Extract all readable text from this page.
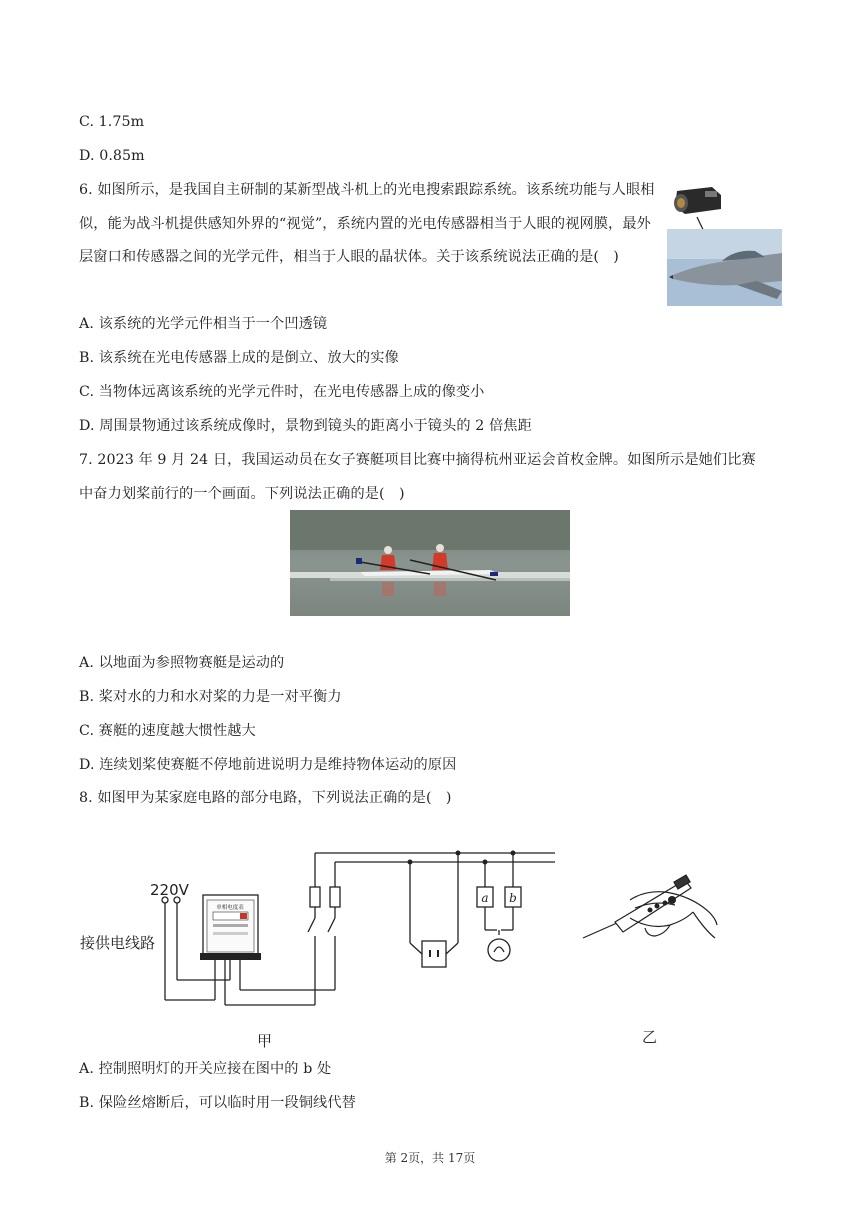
C. 1.75m
D. 0.85m
6. 如图所示，是我国自主研制的某新型战斗机上的光电搜索跟踪系统。该系统功能与人眼相似，能为战斗机提供感知外界的“视觉”，系统内置的光电传感器相当于人眼的视网膜，最外层窗口和传感器之间的光学元件，相当于人眼的晶状体。关于该系统说法正确的是(　)
A. 该系统的光学元件相当于一个凹透镜
B. 该系统在光电传感器上成的是倒立、放大的实像
C. 当物体远离该系统的光学元件时，在光电传感器上成的像变小
D. 周围景物通过该系统成像时，景物到镜头的距离小于镜头的 2 倍焦距
7. 2023 年 9 月 24 日，我国运动员在女子赛艇项目比赛中摘得杭州亚运会首枚金牌。如图所示是她们比赛
中奋力划桨前行的一个画面。下列说法正确的是(　)
A. 以地面为参照物赛艇是运动的
B. 桨对水的力和水对桨的力是一对平衡力
C. 赛艇的速度越大惯性越大
D. 连续划桨使赛艇不停地前进说明力是维持物体运动的原因
8. 如图甲为某家庭电路的部分电路，下列说法正确的是(　)
单相电度表
a b
220V
接供电线路
甲	乙
A. 控制照明灯的开关应接在图中的 b 处
B. 保险丝熔断后，可以临时用一段铜线代替
第 2页，共 17页
